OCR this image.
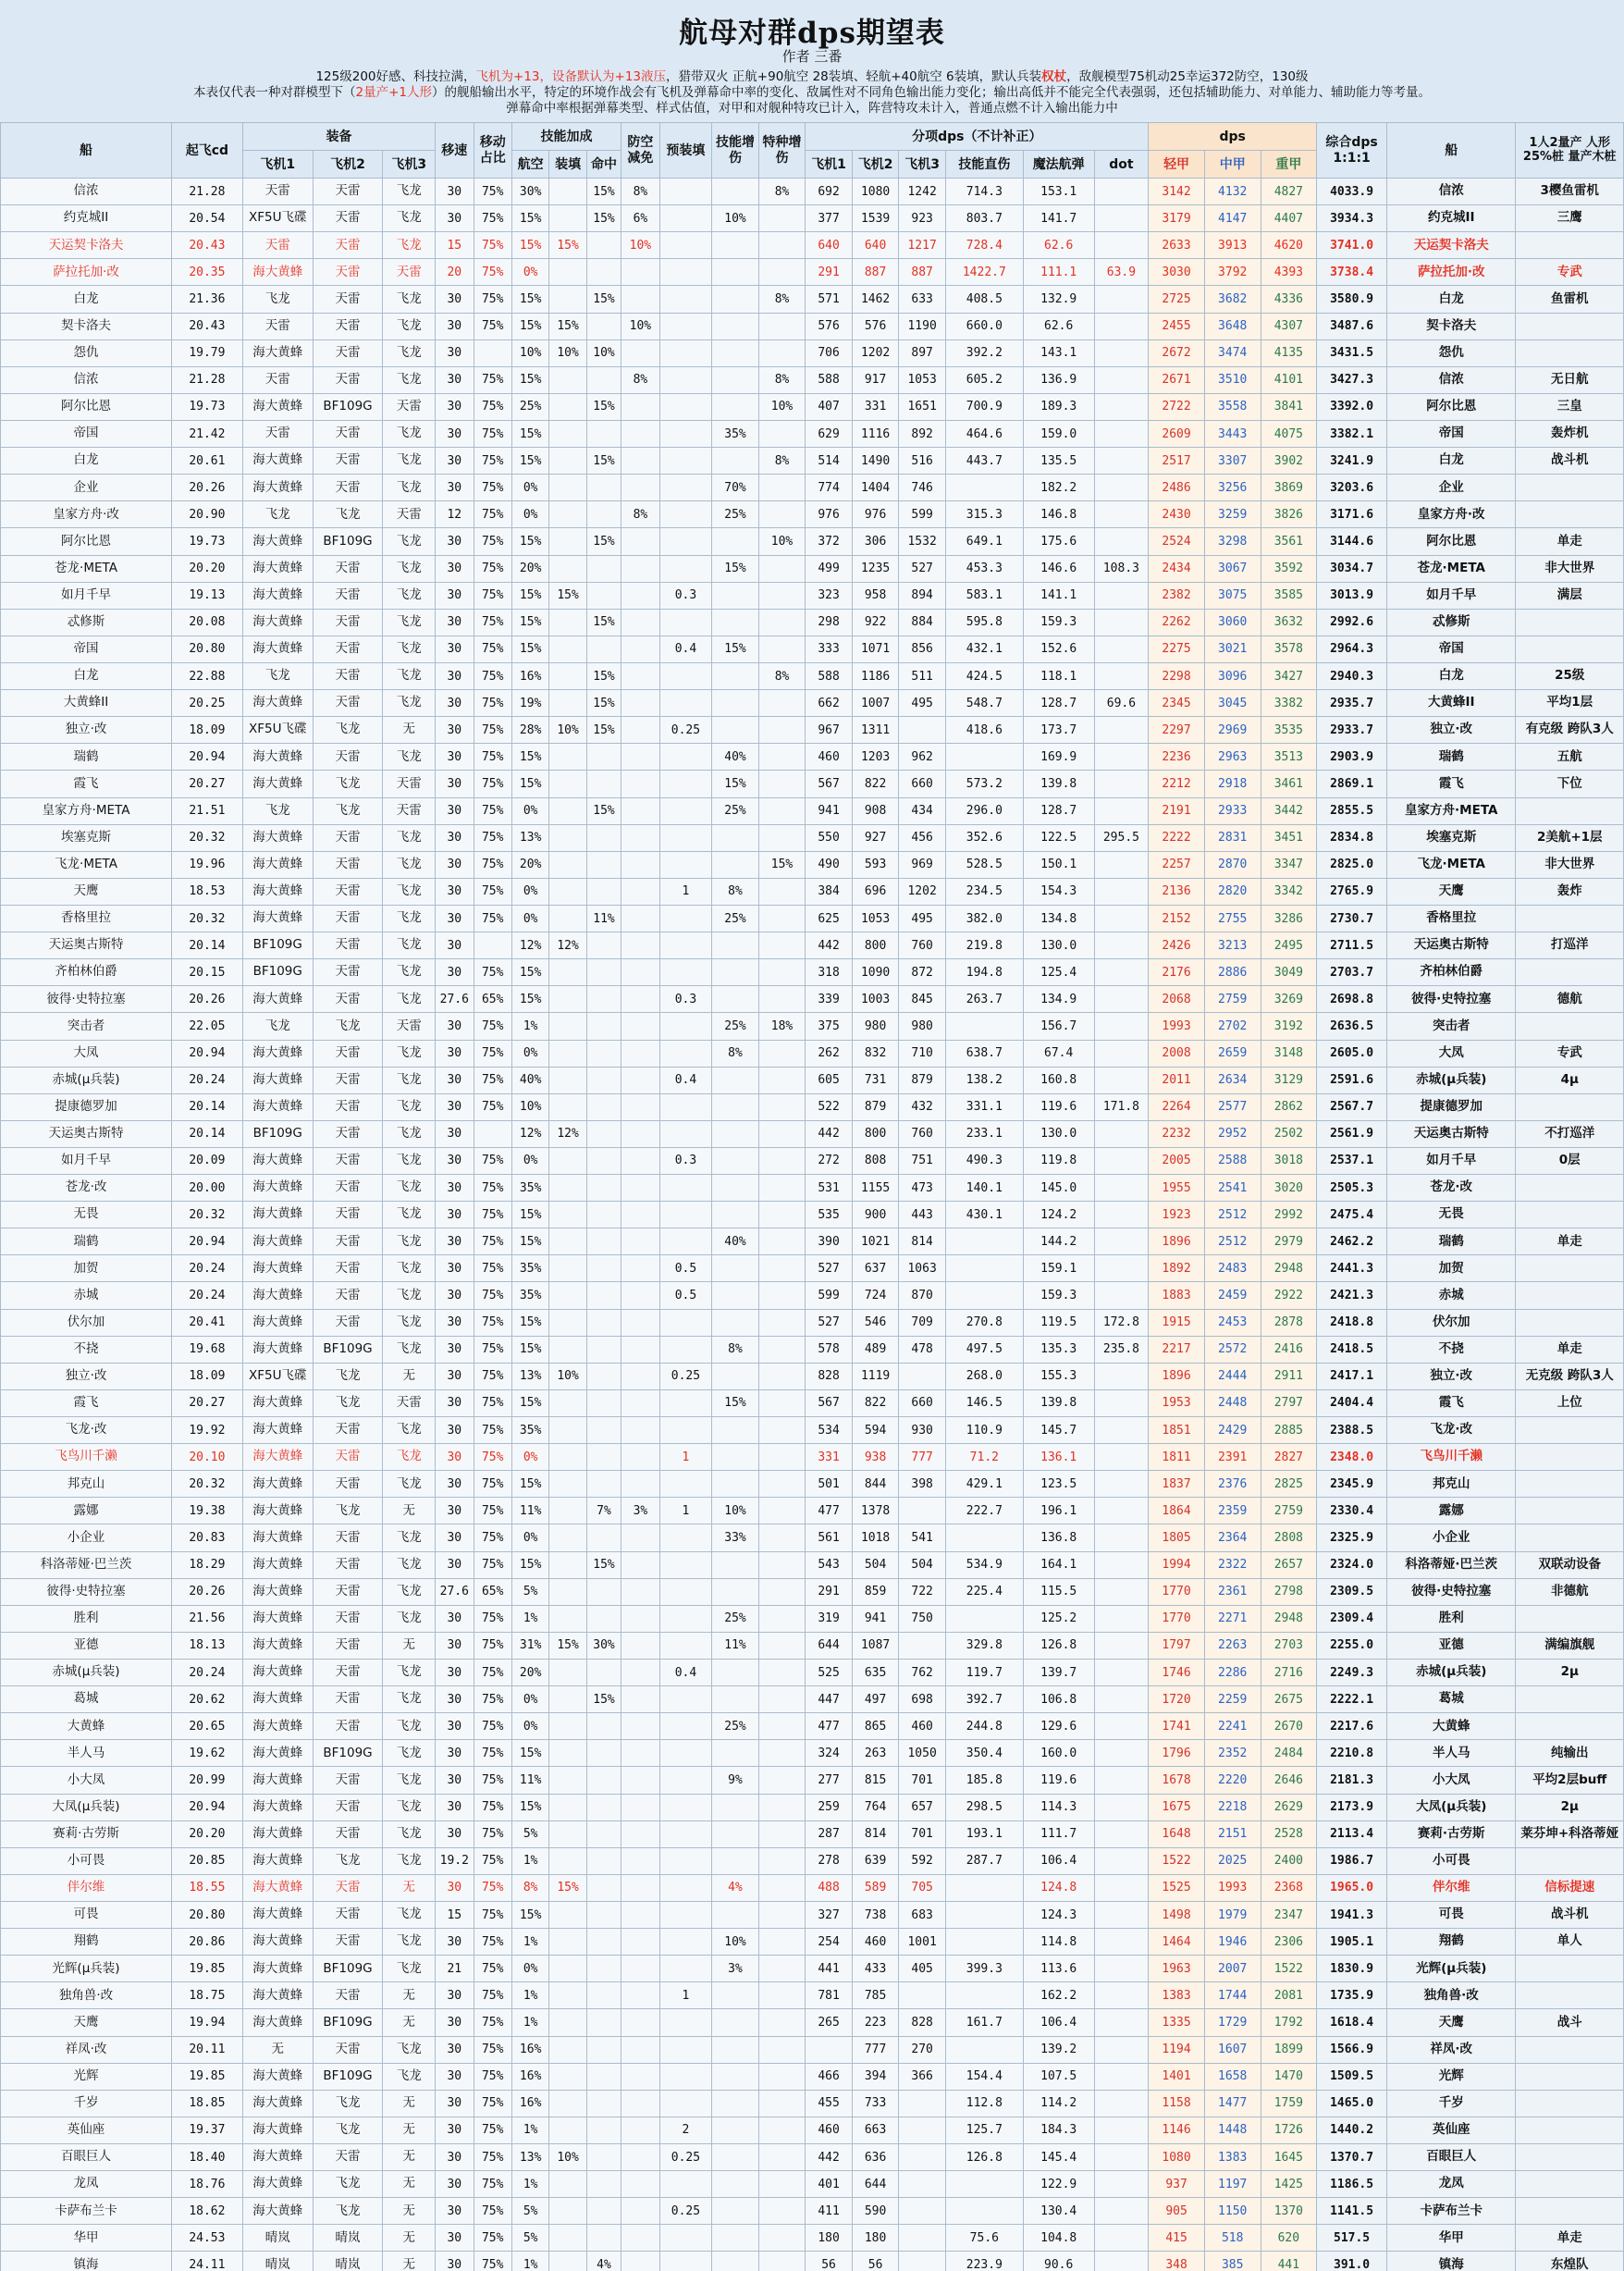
航母对群dps期望表
作者 三番
125级200好感、科技拉满，飞机为+13，设备默认为+13液压，猎带双火 正航+90航空 28装填、轻航+40航空 6装填，默认兵装权杖，敌舰模型75机动25幸运372防空，130级
本表仅代表一种对群模型下（2量产+1人形）的舰船输出水平，特定的环境作战会有飞机及弹幕命中率的变化、敌属性对不同角色输出能力变化；输出高低并不能完全代表强弱，还包括辅助能力、对单能力、辅助能力等考量。
弹幕命中率根据弹幕类型、样式估值，对甲和对舰种特攻已计入，阵营特攻未计入，普通点燃不计入输出能力中
船	起飞cd	装备			移速	移动占比	技能加成			防空减免	预装填	技能增伤	特种增伤	分项dps（不计补正）						dps			综合dps 1:1:1	船	1人2量产 人形25%桩 量产木桩
		飞机1	飞机2	飞机3			航空	装填	命中					飞机1	飞机2	飞机3	技能直伤	魔法航弹	dot	轻甲	中甲	重甲			
信浓	21.28	天雷	天雷	飞龙	30	75%	30%		15%	8%			8%	692	1080	1242	714.3	153.1		3142	4132	4827	4033.9	信浓	3樱鱼雷机
约克城II	20.54	XF5U飞碟	天雷	飞龙	30	75%	15%		15%	6%		10%		377	1539	923	803.7	141.7		3179	4147	4407	3934.3	约克城II	三鹰
天运契卡洛夫	20.43	天雷	天雷	飞龙	15	75%	15%	15%		10%				640	640	1217	728.4	62.6		2633	3913	4620	3741.0	天运契卡洛夫	
萨拉托加·改	20.35	海大黄蜂	天雷	天雷	20	75%	0%							291	887	887	1422.7	111.1	63.9	3030	3792	4393	3738.4	萨拉托加·改	专武
白龙	21.36	飞龙	天雷	飞龙	30	75%	15%		15%				8%	571	1462	633	408.5	132.9		2725	3682	4336	3580.9	白龙	鱼雷机
契卡洛夫	20.43	天雷	天雷	飞龙	30	75%	15%	15%		10%				576	576	1190	660.0	62.6		2455	3648	4307	3487.6	契卡洛夫	
怨仇	19.79	海大黄蜂	天雷	飞龙	30		10%	10%	10%					706	1202	897	392.2	143.1		2672	3474	4135	3431.5	怨仇	
信浓	21.28	天雷	天雷	飞龙	30	75%	15%			8%			8%	588	917	1053	605.2	136.9		2671	3510	4101	3427.3	信浓	无日航
阿尔比恩	19.73	海大黄蜂	BF109G	天雷	30	75%	25%		15%				10%	407	331	1651	700.9	189.3		2722	3558	3841	3392.0	阿尔比恩	三皇
帝国	21.42	天雷	天雷	飞龙	30	75%	15%					35%		629	1116	892	464.6	159.0		2609	3443	4075	3382.1	帝国	轰炸机
白龙	20.61	海大黄蜂	天雷	飞龙	30	75%	15%		15%				8%	514	1490	516	443.7	135.5		2517	3307	3902	3241.9	白龙	战斗机
企业	20.26	海大黄蜂	天雷	飞龙	30	75%	0%					70%		774	1404	746		182.2		2486	3256	3869	3203.6	企业	
皇家方舟·改	20.90	飞龙	飞龙	天雷	12	75%	0%			8%		25%		976	976	599	315.3	146.8		2430	3259	3826	3171.6	皇家方舟·改	
阿尔比恩	19.73	海大黄蜂	BF109G	飞龙	30	75%	15%		15%				10%	372	306	1532	649.1	175.6		2524	3298	3561	3144.6	阿尔比恩	单走
苍龙·META	20.20	海大黄蜂	天雷	飞龙	30	75%	20%					15%		499	1235	527	453.3	146.6	108.3	2434	3067	3592	3034.7	苍龙·META	非大世界
如月千早	19.13	海大黄蜂	天雷	飞龙	30	75%	15%	15%			0.3			323	958	894	583.1	141.1		2382	3075	3585	3013.9	如月千早	满层
忒修斯	20.08	海大黄蜂	天雷	飞龙	30	75%	15%		15%					298	922	884	595.8	159.3		2262	3060	3632	2992.6	忒修斯	
帝国	20.80	海大黄蜂	天雷	飞龙	30	75%	15%				0.4	15%		333	1071	856	432.1	152.6		2275	3021	3578	2964.3	帝国	
白龙	22.88	飞龙	天雷	飞龙	30	75%	16%		15%				8%	588	1186	511	424.5	118.1		2298	3096	3427	2940.3	白龙	25级
大黄蜂II	20.25	海大黄蜂	天雷	飞龙	30	75%	19%		15%					662	1007	495	548.7	128.7	69.6	2345	3045	3382	2935.7	大黄蜂II	平均1层
独立·改	18.09	XF5U飞碟	飞龙	无	30	75%	28%	10%	15%		0.25			967	1311		418.6	173.7		2297	2969	3535	2933.7	独立·改	有克级 跨队3人
瑞鹤	20.94	海大黄蜂	天雷	飞龙	30	75%	15%					40%		460	1203	962		169.9		2236	2963	3513	2903.9	瑞鹤	五航
霞飞	20.27	海大黄蜂	飞龙	天雷	30	75%	15%					15%		567	822	660	573.2	139.8		2212	2918	3461	2869.1	霞飞	下位
皇家方舟·META	21.51	飞龙	飞龙	天雷	30	75%	0%		15%			25%		941	908	434	296.0	128.7		2191	2933	3442	2855.5	皇家方舟·META	
埃塞克斯	20.32	海大黄蜂	天雷	飞龙	30	75%	13%							550	927	456	352.6	122.5	295.5	2222	2831	3451	2834.8	埃塞克斯	2美航+1层
飞龙·META	19.96	海大黄蜂	天雷	飞龙	30	75%	20%						15%	490	593	969	528.5	150.1		2257	2870	3347	2825.0	飞龙·META	非大世界
天鹰	18.53	海大黄蜂	天雷	飞龙	30	75%	0%				1	8%		384	696	1202	234.5	154.3		2136	2820	3342	2765.9	天鹰	轰炸
香格里拉	20.32	海大黄蜂	天雷	飞龙	30	75%	0%		11%			25%		625	1053	495	382.0	134.8		2152	2755	3286	2730.7	香格里拉	
天运奥古斯特	20.14	BF109G	天雷	飞龙	30		12%	12%						442	800	760	219.8	130.0		2426	3213	2495	2711.5	天运奥古斯特	打巡洋
齐柏林伯爵	20.15	BF109G	天雷	飞龙	30	75%	15%							318	1090	872	194.8	125.4		2176	2886	3049	2703.7	齐柏林伯爵	
彼得·史特拉塞	20.26	海大黄蜂	天雷	飞龙	27.6	65%	15%				0.3			339	1003	845	263.7	134.9		2068	2759	3269	2698.8	彼得·史特拉塞	德航
突击者	22.05	飞龙	飞龙	天雷	30	75%	1%					25%	18%	375	980	980		156.7		1993	2702	3192	2636.5	突击者	
大凤	20.94	海大黄蜂	天雷	飞龙	30	75%	0%					8%		262	832	710	638.7	67.4		2008	2659	3148	2605.0	大凤	专武
赤城(μ兵装)	20.24	海大黄蜂	天雷	飞龙	30	75%	40%				0.4			605	731	879	138.2	160.8		2011	2634	3129	2591.6	赤城(μ兵装)	4μ
提康德罗加	20.14	海大黄蜂	天雷	飞龙	30	75%	10%							522	879	432	331.1	119.6	171.8	2264	2577	2862	2567.7	提康德罗加	
天运奥古斯特	20.14	BF109G	天雷	飞龙	30		12%	12%						442	800	760	233.1	130.0		2232	2952	2502	2561.9	天运奥古斯特	不打巡洋
如月千早	20.09	海大黄蜂	天雷	飞龙	30	75%	0%				0.3			272	808	751	490.3	119.8		2005	2588	3018	2537.1	如月千早	0层
苍龙·改	20.00	海大黄蜂	天雷	飞龙	30	75%	35%							531	1155	473	140.1	145.0		1955	2541	3020	2505.3	苍龙·改	
无畏	20.32	海大黄蜂	天雷	飞龙	30	75%	15%							535	900	443	430.1	124.2		1923	2512	2992	2475.4	无畏	
瑞鹤	20.94	海大黄蜂	天雷	飞龙	30	75%	15%					40%		390	1021	814		144.2		1896	2512	2979	2462.2	瑞鹤	单走
加贺	20.24	海大黄蜂	天雷	飞龙	30	75%	35%				0.5			527	637	1063		159.1		1892	2483	2948	2441.3	加贺	
赤城	20.24	海大黄蜂	天雷	飞龙	30	75%	35%				0.5			599	724	870		159.3		1883	2459	2922	2421.3	赤城	
伏尔加	20.41	海大黄蜂	天雷	飞龙	30	75%	15%							527	546	709	270.8	119.5	172.8	1915	2453	2878	2418.8	伏尔加	
不挠	19.68	海大黄蜂	BF109G	飞龙	30	75%	15%					8%		578	489	478	497.5	135.3	235.8	2217	2572	2416	2418.5	不挠	单走
独立·改	18.09	XF5U飞碟	飞龙	无	30	75%	13%	10%			0.25			828	1119		268.0	155.3		1896	2444	2911	2417.1	独立·改	无克级 跨队3人
霞飞	20.27	海大黄蜂	飞龙	天雷	30	75%	15%					15%		567	822	660	146.5	139.8		1953	2448	2797	2404.4	霞飞	上位
飞龙·改	19.92	海大黄蜂	天雷	飞龙	30	75%	35%							534	594	930	110.9	145.7		1851	2429	2885	2388.5	飞龙·改	
飞鸟川千濑	20.10	海大黄蜂	天雷	飞龙	30	75%	0%				1			331	938	777	71.2	136.1		1811	2391	2827	2348.0	飞鸟川千濑	
邦克山	20.32	海大黄蜂	天雷	飞龙	30	75%	15%							501	844	398	429.1	123.5		1837	2376	2825	2345.9	邦克山	
露娜	19.38	海大黄蜂	飞龙	无	30	75%	11%		7%	3%	1	10%		477	1378		222.7	196.1		1864	2359	2759	2330.4	露娜	
小企业	20.83	海大黄蜂	天雷	飞龙	30	75%	0%					33%		561	1018	541		136.8		1805	2364	2808	2325.9	小企业	
科洛蒂娅·巴兰茨	18.29	海大黄蜂	天雷	飞龙	30	75%	15%		15%					543	504	504	534.9	164.1		1994	2322	2657	2324.0	科洛蒂娅·巴兰茨	双联动设备
彼得·史特拉塞	20.26	海大黄蜂	天雷	飞龙	27.6	65%	5%							291	859	722	225.4	115.5		1770	2361	2798	2309.5	彼得·史特拉塞	非德航
胜利	21.56	海大黄蜂	天雷	飞龙	30	75%	1%					25%		319	941	750		125.2		1770	2271	2948	2309.4	胜利	
亚德	18.13	海大黄蜂	天雷	无	30	75%	31%	15%	30%			11%		644	1087		329.8	126.8		1797	2263	2703	2255.0	亚德	满编旗舰
赤城(μ兵装)	20.24	海大黄蜂	天雷	飞龙	30	75%	20%				0.4			525	635	762	119.7	139.7		1746	2286	2716	2249.3	赤城(μ兵装)	2μ
葛城	20.62	海大黄蜂	天雷	飞龙	30	75%	0%		15%					447	497	698	392.7	106.8		1720	2259	2675	2222.1	葛城	
大黄蜂	20.65	海大黄蜂	天雷	飞龙	30	75%	0%					25%		477	865	460	244.8	129.6		1741	2241	2670	2217.6	大黄蜂	
半人马	19.62	海大黄蜂	BF109G	飞龙	30	75%	15%							324	263	1050	350.4	160.0		1796	2352	2484	2210.8	半人马	纯输出
小大凤	20.99	海大黄蜂	天雷	飞龙	30	75%	11%					9%		277	815	701	185.8	119.6		1678	2220	2646	2181.3	小大凤	平均2层buff
大凤(μ兵装)	20.94	海大黄蜂	天雷	飞龙	30	75%	15%							259	764	657	298.5	114.3		1675	2218	2629	2173.9	大凤(μ兵装)	2μ
赛莉·古劳斯	20.20	海大黄蜂	天雷	飞龙	30	75%	5%							287	814	701	193.1	111.7		1648	2151	2528	2113.4	赛莉·古劳斯	莱芬坤+科洛蒂娅
小可畏	20.85	海大黄蜂	飞龙	飞龙	19.2	75%	1%							278	639	592	287.7	106.4		1522	2025	2400	1986.7	小可畏	
伴尔维	18.55	海大黄蜂	天雷	无	30	75%	8%	15%				4%		488	589	705		124.8		1525	1993	2368	1965.0	伴尔维	信标提速
可畏	20.80	海大黄蜂	天雷	飞龙	15	75%	15%							327	738	683		124.3		1498	1979	2347	1941.3	可畏	战斗机
翔鹤	20.86	海大黄蜂	天雷	飞龙	30	75%	1%					10%		254	460	1001		114.8		1464	1946	2306	1905.1	翔鹤	单人
光辉(μ兵装)	19.85	海大黄蜂	BF109G	飞龙	21	75%	0%					3%		441	433	405	399.3	113.6		1963	2007	1522	1830.9	光辉(μ兵装)	
独角兽·改	18.75	海大黄蜂	天雷	无	30	75%	1%				1			781	785			162.2		1383	1744	2081	1735.9	独角兽·改	
天鹰	19.94	海大黄蜂	BF109G	无	30	75%	1%							265	223	828	161.7	106.4		1335	1729	1792	1618.4	天鹰	战斗
祥凤·改	20.11	无	天雷	飞龙	30	75%	16%								777	270		139.2		1194	1607	1899	1566.9	祥凤·改	
光辉	19.85	海大黄蜂	BF109G	飞龙	30	75%	16%							466	394	366	154.4	107.5		1401	1658	1470	1509.5	光辉	
千岁	18.85	海大黄蜂	飞龙	无	30	75%	16%							455	733		112.8	114.2		1158	1477	1759	1465.0	千岁	
英仙座	19.37	海大黄蜂	飞龙	无	30	75%	1%				2			460	663		125.7	184.3		1146	1448	1726	1440.2	英仙座	
百眼巨人	18.40	海大黄蜂	天雷	无	30	75%	13%	10%			0.25			442	636		126.8	145.4		1080	1383	1645	1370.7	百眼巨人	
龙凤	18.76	海大黄蜂	飞龙	无	30	75%	1%							401	644			122.9		937	1197	1425	1186.5	龙凤	
卡萨布兰卡	18.62	海大黄蜂	飞龙	无	30	75%	5%				0.25			411	590			130.4		905	1150	1370	1141.5	卡萨布兰卡	
华甲	24.53	晴岚	晴岚	无	30	75%	5%							180	180		75.6	104.8		415	518	620	517.5	华甲	单走
镇海	24.11	晴岚	晴岚	无	30	75%	1%		4%					56	56		223.9	90.6		348	385	441	391.0	镇海	东煌队
